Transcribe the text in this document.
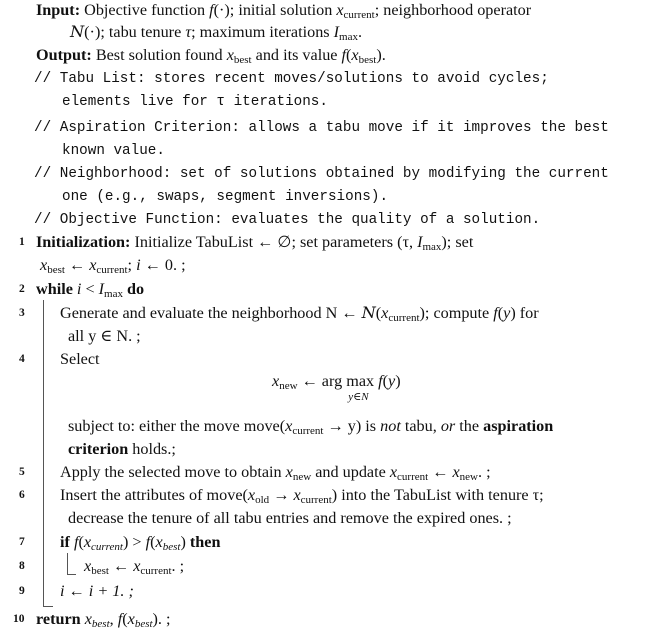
Input: Objective function f(·); initial solution $x_{current}$; neighborhood operator
N(·); tabu tenure τ; maximum iterations $I_{max}$.
Output: Best solution found $x_{best}$ and its value $f(x_{best})$.
// Tabu List: stores recent moves/solutions to avoid cycles;
elements live for τ iterations.
// Aspiration Criterion: allows a tabu move if it improves the best
known value.
// Neighborhood: set of solutions obtained by modifying the current
one (e.g., swaps, segment inversions).
// Objective Function: evaluates the quality of a solution.
1 Initialization: Initialize TabuList ← ∅; set parameters (τ, $I_{max}$); set
$x_{best}$ ← $x_{current}$; i ← 0. ;
2 while $i < I_{max}$ do
3 Generate and evaluate the neighborhood N ← $N(x_{current})$; compute f(y) for
all y ∈ N. ;
4 Select
$x_{new}$ ← arg max
y∈N
f(y)
subject to: either the move $move(x_{current} \to y)$ is not tabu, or the aspiration
criterion holds.;
5 Apply the selected move to obtain $x_{new}$ and update $x_{current}$ ← $x_{new}$. ;
6 Insert the attributes of $move(x_{old} \to x_{current})$ into the TabuList with tenure τ;
decrease the tenure of all tabu entries and remove the expired ones. ;
7 if $f(x_{current}) > f(x_{best})$ then
8	$x_{best}$ ← $x_{current}$. ;
9 i ← i + 1. ;
10 return $x_{best}$, $f(x_{best})$. ;
